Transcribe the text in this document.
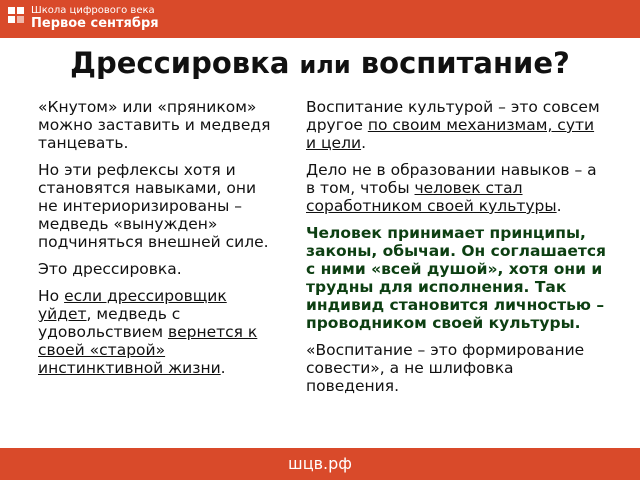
Школа цифрового века
Первое сентября
Дрессировка или воспитание?

«Кнутом» или «пряником» можно заставить и медведя танцевать.

Но эти рефлексы хотя и становятся навыками, они не интериоризированы – медведь «вынужден» подчиняться внешней силе.

Это дрессировка.

Но если дрессировщик уйдет, медведь с удовольствием вернется к своей «старой» инстинктивной жизни.

Воспитание культурой – это совсем другое по своим механизмам, сути и цели.

Дело не в образовании навыков – а в том, чтобы человек стал соработником своей культуры.

Человек принимает принципы, законы, обычаи. Он соглашается с ними «всей душой», хотя они и трудны для исполнения. Так индивид становится личностью – проводником своей культуры.

«Воспитание – это формирование совести», а не шлифовка поведения.

шцв.рф
